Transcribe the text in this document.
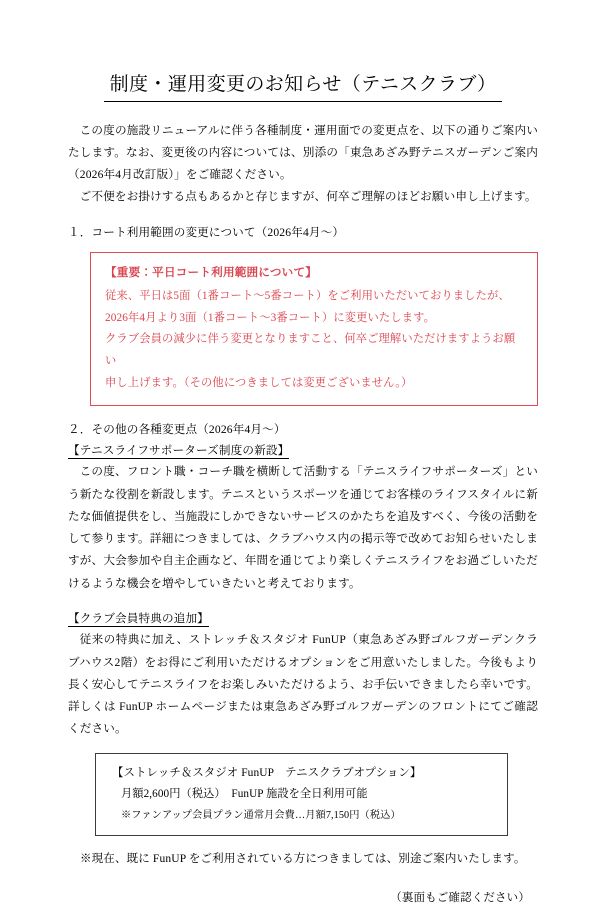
制度・運用変更のお知らせ（テニスクラブ）

この度の施設リニューアルに伴う各種制度・運用面での変更点を、以下の通りご案内いたします。なお、変更後の内容については、別添の「東急あざみ野テニスガーデンご案内（2026年4月改訂版）」をご確認ください。

ご不便をお掛けする点もあるかと存じますが、何卒ご理解のほどお願い申し上げます。

１．コート利用範囲の変更について（2026年4月～）

【重要：平日コート利用範囲について】

従来、平日は5面（1番コート～5番コート）をご利用いただいておりましたが、

2026年4月より3面（1番コート～3番コート）に変更いたします。

クラブ会員の減少に伴う変更となりますこと、何卒ご理解いただけますようお願い

申し上げます。（その他につきましては変更ございません。）

２．その他の各種変更点（2026年4月～）

【テニスライフサポーターズ制度の新設】

この度、フロント職・コーチ職を横断して活動する「テニスライフサポーターズ」という新たな役割を新設します。テニスというスポーツを通じてお客様のライフスタイルに新たな価値提供をし、当施設にしかできないサービスのかたちを追及すべく、今後の活動をして参ります。詳細につきましては、クラブハウス内の掲示等で改めてお知らせいたしますが、大会参加や自主企画など、年間を通じてより楽しくテニスライフをお過ごしいただけるような機会を増やしていきたいと考えております。

【クラブ会員特典の追加】

従来の特典に加え、ストレッチ＆スタジオ FunUP（東急あざみ野ゴルフガーデンクラブハウス2階）をお得にご利用いただけるオプションをご用意いたしました。今後もより長く安心してテニスライフをお楽しみいただけるよう、お手伝いできましたら幸いです。詳しくは FunUP ホームページまたは東急あざみ野ゴルフガーデンのフロントにてご確認ください。

【ストレッチ＆スタジオ FunUP　テニスクラブオプション】

月額2,600円（税込）　FunUP 施設を全日利用可能

※ファンアップ会員プラン通常月会費…月額7,150円（税込）

※現在、既に FunUP をご利用されている方につきましては、別途ご案内いたします。

（裏面もご確認ください）
